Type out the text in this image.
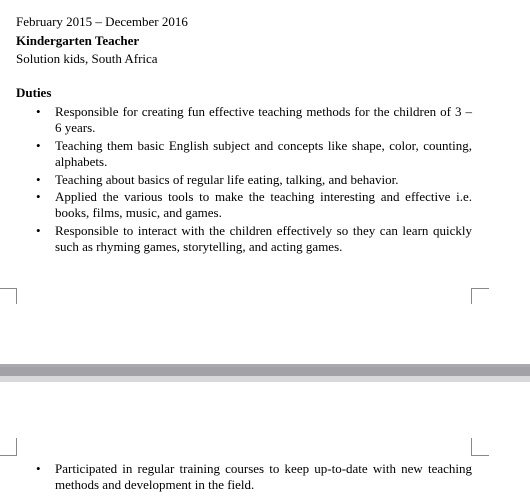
February 2015 – December 2016
Kindergarten Teacher
Solution kids, South Africa
Duties
• Responsible for creating fun effective teaching methods for the children of 3 – 6 years.
• Teaching them basic English subject and concepts like shape, color, counting, alphabets.
• Teaching about basics of regular life eating, talking, and behavior.
• Applied the various tools to make the teaching interesting and effective i.e. books, films, music, and games.
• Responsible to interact with the children effectively so they can learn quickly such as rhyming games, storytelling, and acting games.
• Participated in regular training courses to keep up-to-date with new teaching methods and development in the field.
